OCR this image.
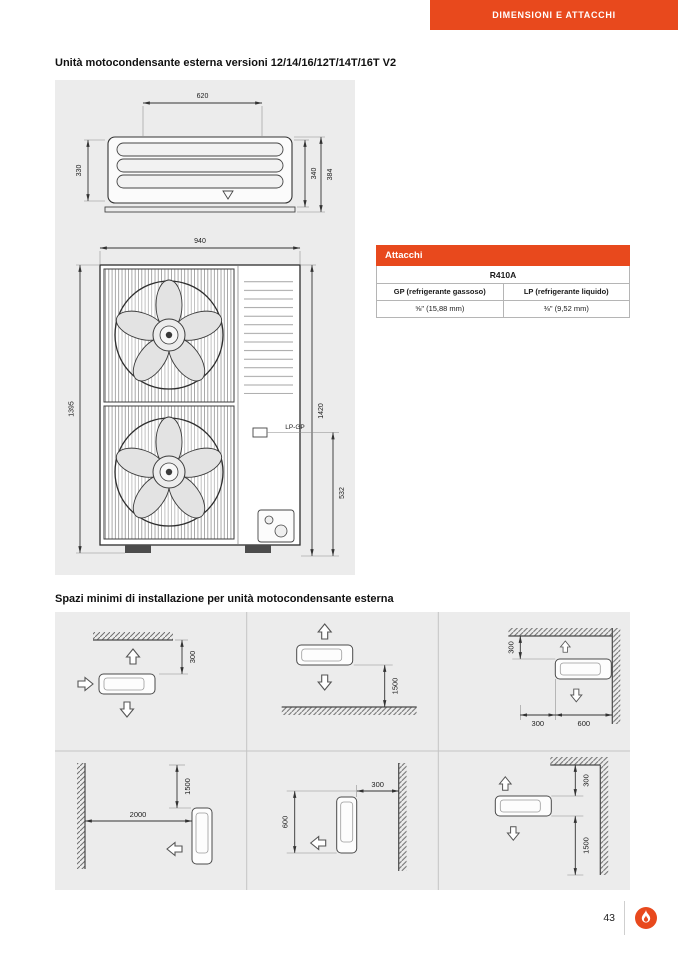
DIMENSIONI E ATTACCHI
Unità motocondensante esterna versioni 12/14/16/12T/14T/16T V2
620
330	340 384
940
1395	1420
LP-GP
532
Attacchi
R410A
GP (refrigerante gassoso)	LP (refrigerante liquido)
⅝" (15,88 mm)	⅜" (9,52 mm)
Spazi minimi di installazione per unità motocondensante esterna
300
1500
300
300	600
1500
2000
300
600
300
1500
43
